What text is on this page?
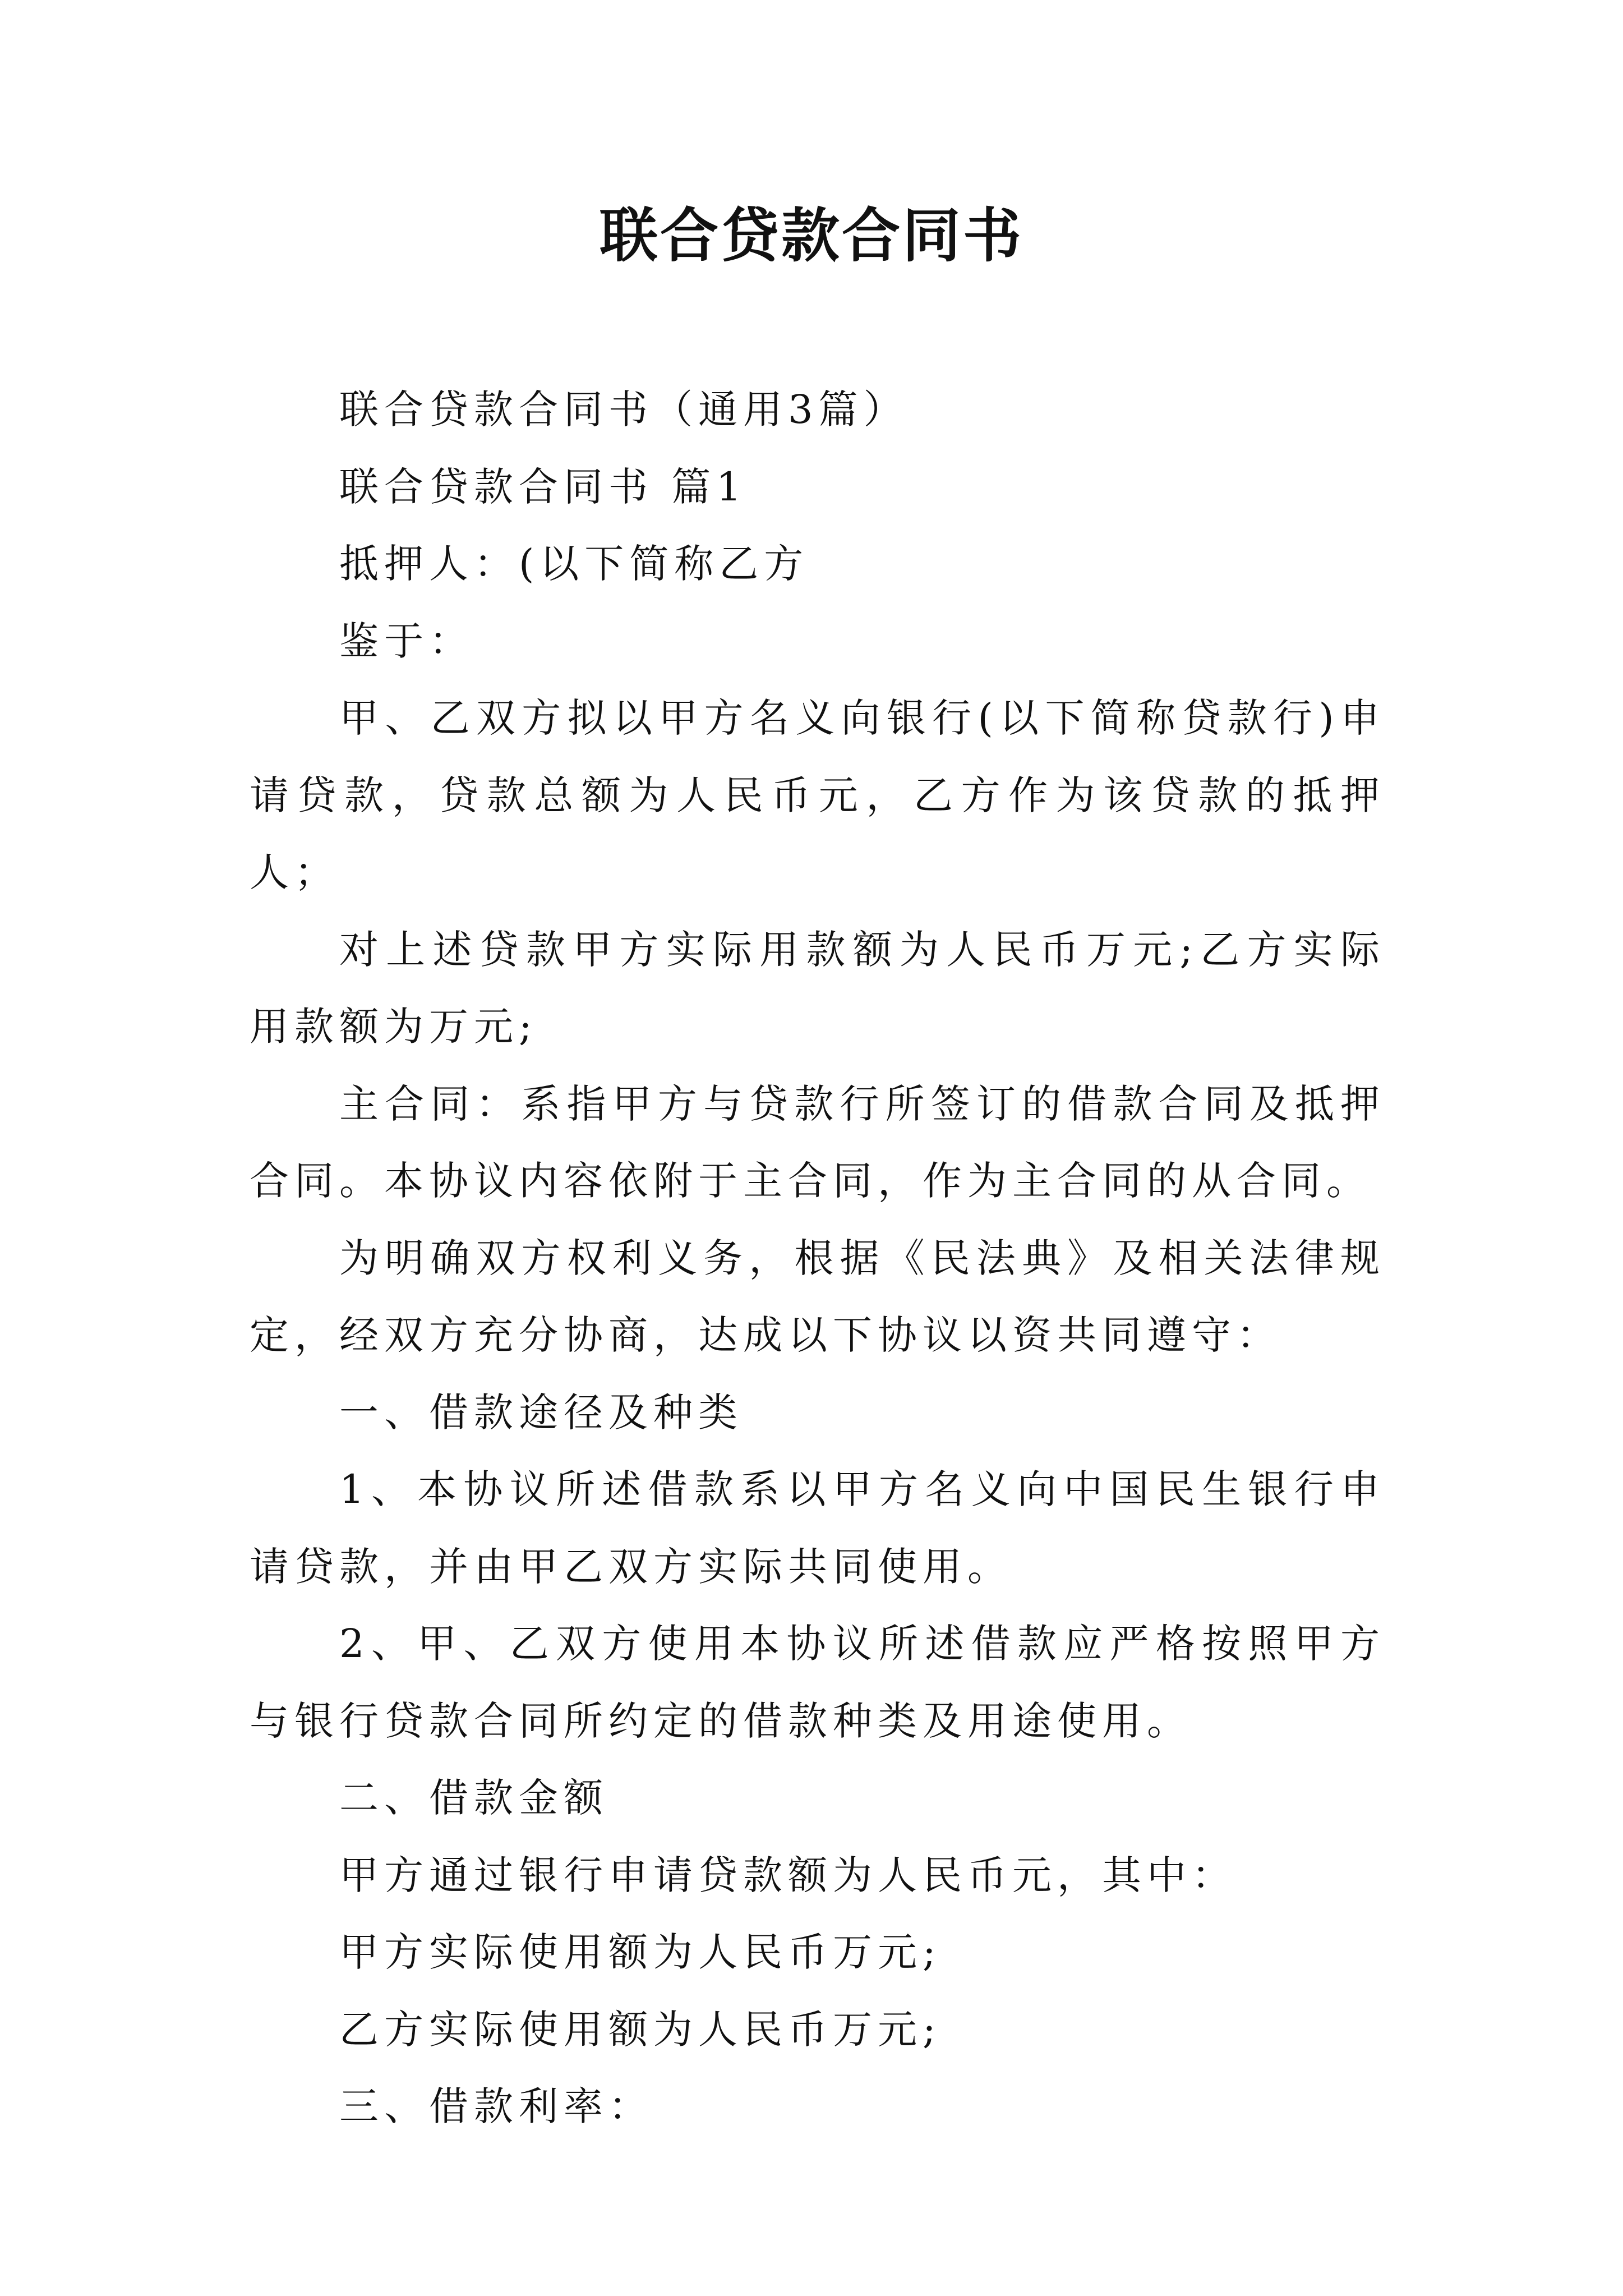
联合贷款合同书

联合贷款合同书（通用3篇）

联合贷款合同书 篇1

抵押人：(以下简称乙方

鉴于：

甲、乙双方拟以甲方名义向银行(以下简称贷款行)申请贷款，贷款总额为人民币元，乙方作为该贷款的抵押人；

对上述贷款甲方实际用款额为人民币万元;乙方实际用款额为万元;

主合同：系指甲方与贷款行所签订的借款合同及抵押合同。本协议内容依附于主合同，作为主合同的从合同。

为明确双方权利义务，根据《民法典》及相关法律规定，经双方充分协商，达成以下协议以资共同遵守：

一、借款途径及种类

1、本协议所述借款系以甲方名义向中国民生银行申请贷款，并由甲乙双方实际共同使用。

2、甲、乙双方使用本协议所述借款应严格按照甲方与银行贷款合同所约定的借款种类及用途使用。

二、借款金额

甲方通过银行申请贷款额为人民币元，其中：

甲方实际使用额为人民币万元;

乙方实际使用额为人民币万元;

三、借款利率：
